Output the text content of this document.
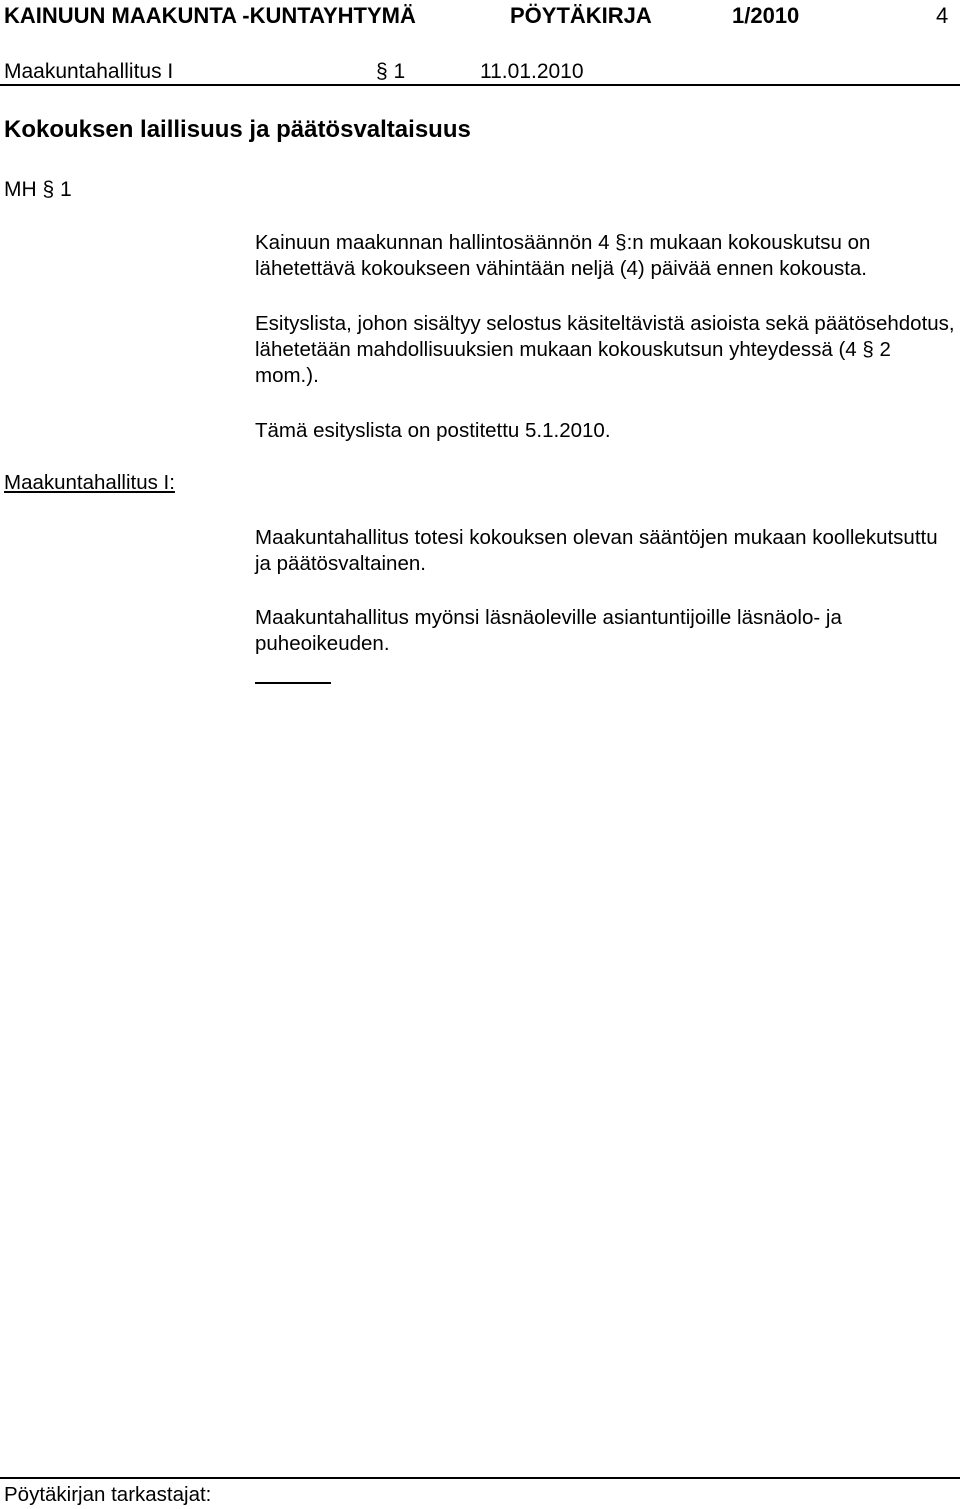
KAINUUN MAAKUNTA -KUNTAYHTYMÄ	PÖYTÄKIRJA	1/2010	4
Maakuntahallitus I	§ 1	11.01.2010
Kokouksen laillisuus ja päätösvaltaisuus
MH § 1

Kainuun maakunnan hallintosäännön 4 §:n mukaan kokouskutsu on lähetettävä kokoukseen vähintään neljä (4) päivää ennen kokousta.

Esityslista, johon sisältyy selostus käsiteltävistä asioista sekä päätösehdotus, lähetetään mahdollisuuksien mukaan kokouskutsun yhteydessä (4 § 2 mom.).

Tämä esityslista on postitettu 5.1.2010.

Maakuntahallitus I:

Maakuntahallitus totesi kokouksen olevan sääntöjen mukaan koollekutsuttu ja päätösvaltainen.

Maakuntahallitus myönsi läsnäoleville asiantuntijoille läsnäolo- ja puheoikeuden.

Pöytäkirjan tarkastajat:
